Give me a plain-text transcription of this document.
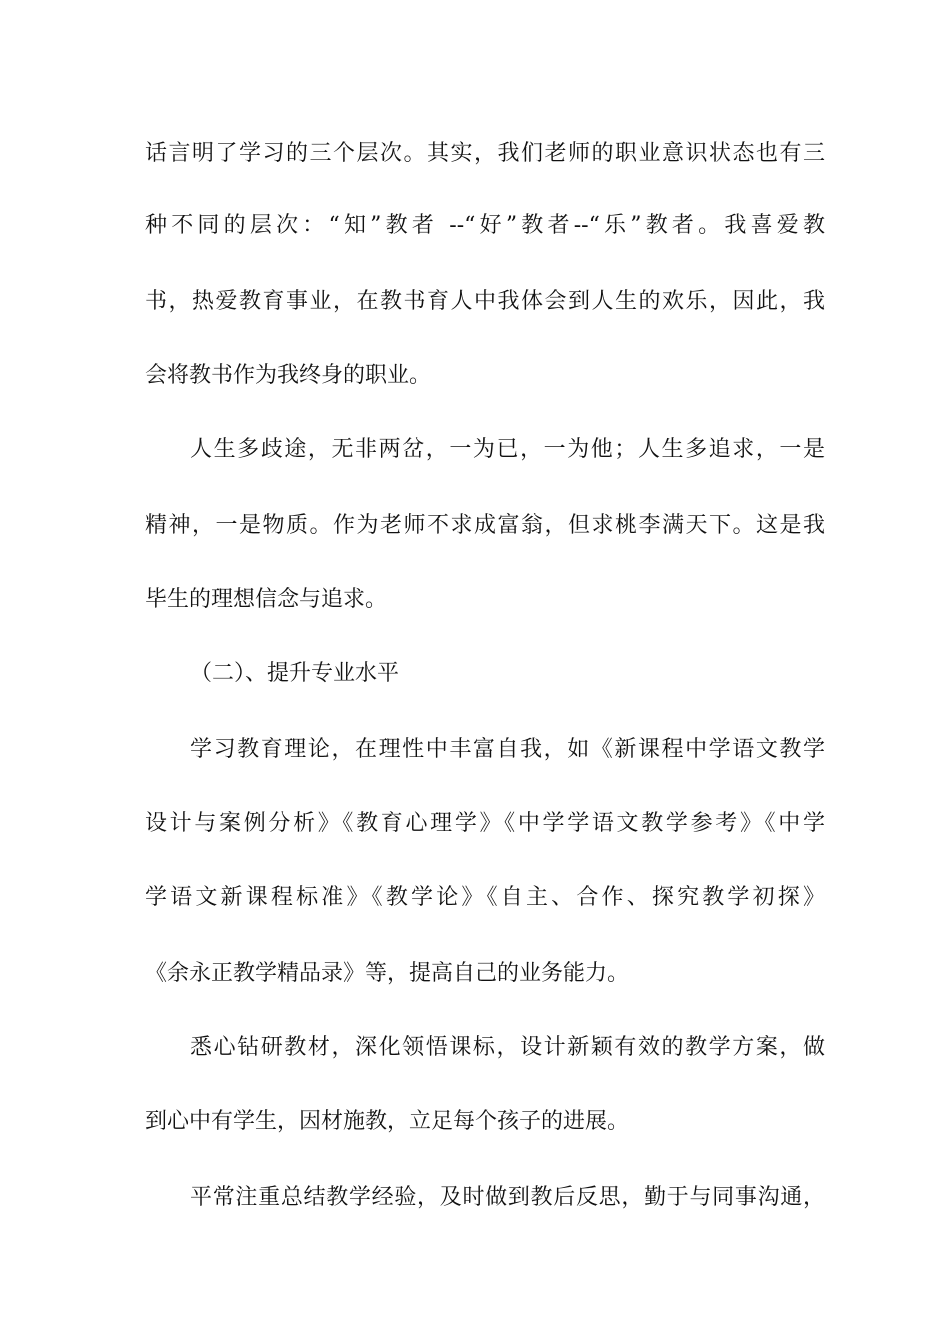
话言明了学习的三个层次。其实，我们老师的职业意识状态也有三
种不同的层次：“知”教者 --“好”教者--“乐”教者。我喜爱教
书，热爱教育事业，在教书育人中我体会到人生的欢乐，因此，我
会将教书作为我终身的职业。
人生多歧途，无非两岔，一为已，一为他；人生多追求，一是
精神，一是物质。作为老师不求成富翁，但求桃李满天下。这是我
毕生的理想信念与追求。
（二）、提升专业水平
学习教育理论，在理性中丰富自我，如《新课程中学语文教学
设计与案例分析》《教育心理学》《中学学语文教学参考》《中学
学语文新课程标准》《教学论》《自主、合作、探究教学初探》
《余永正教学精品录》等，提高自己的业务能力。
悉心钻研教材，深化领悟课标，设计新颖有效的教学方案，做
到心中有学生，因材施教，立足每个孩子的进展。
平常注重总结教学经验，及时做到教后反思，勤于与同事沟通，
